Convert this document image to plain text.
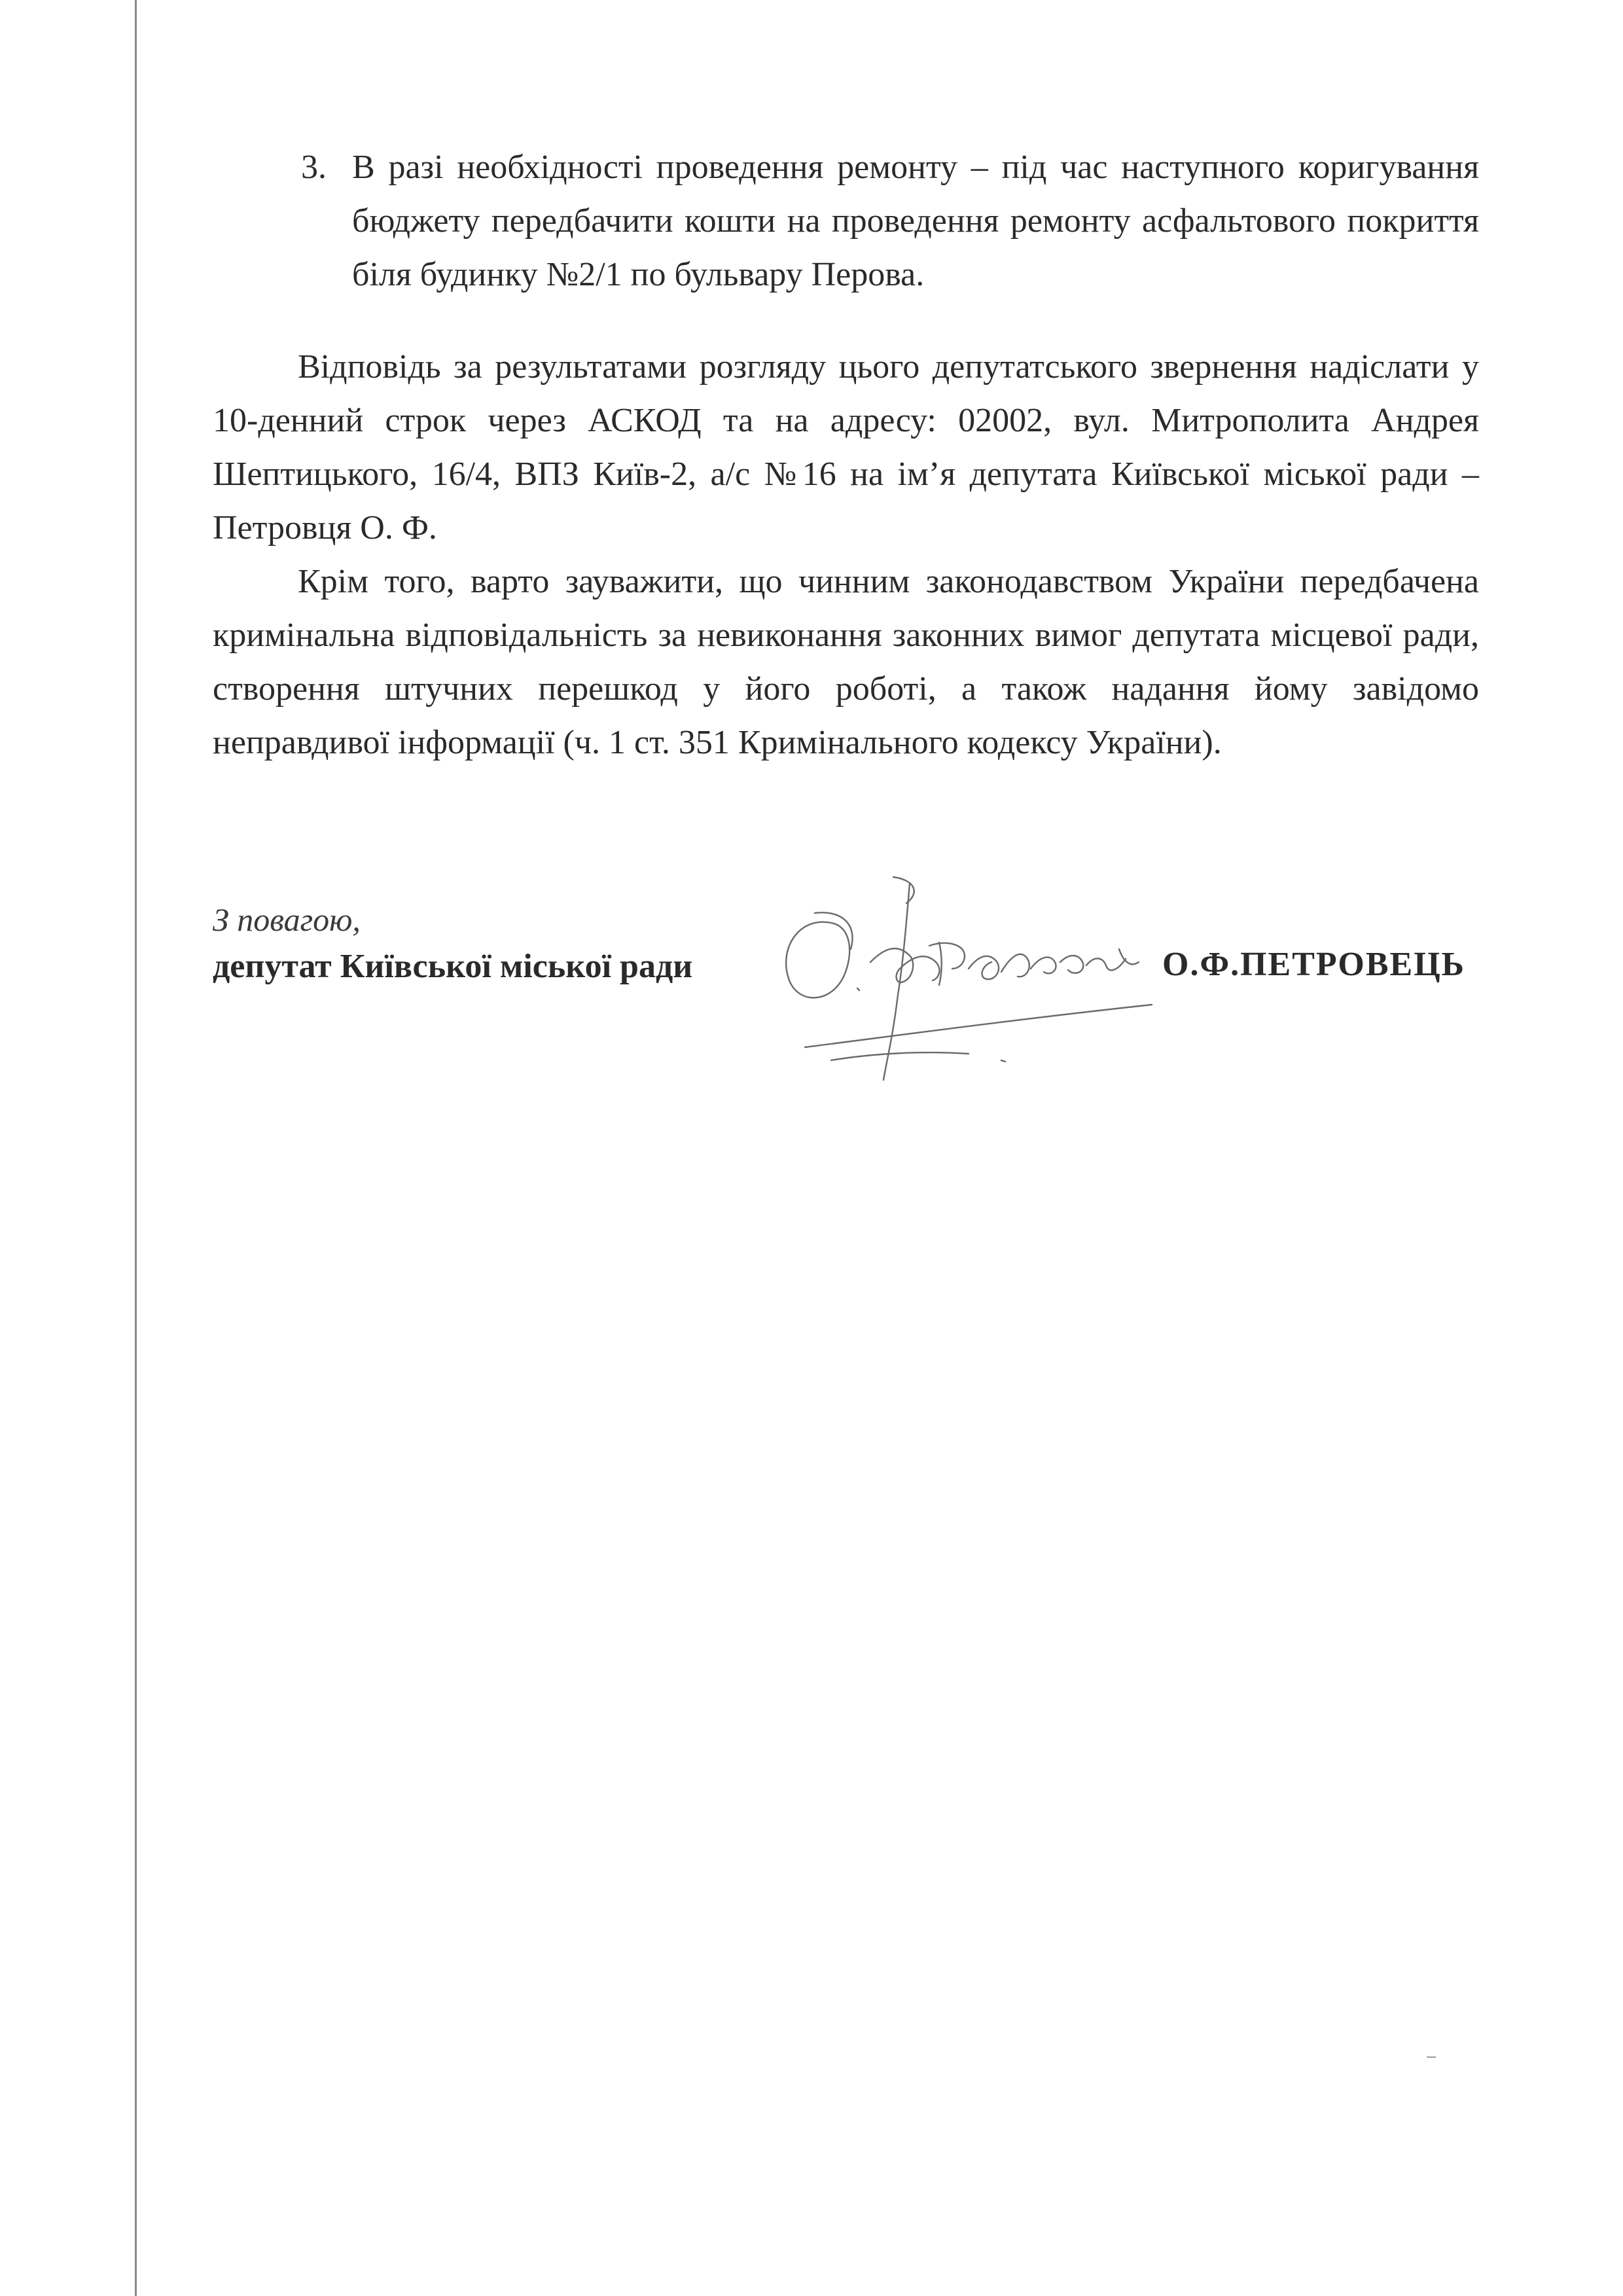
3. В разі необхідності проведення ремонту – під час наступного коригування бюджету передбачити кошти на проведення ремонту асфальтового покриття біля будинку №2/1 по бульвару Перова.

Відповідь за результатами розгляду цього депутатського звернення надіслати у 10-денний строк через АСКОД та на адресу: 02002, вул. Митрополита Андрея Шептицького, 16/4, ВПЗ Київ-2, а/с №16 на ім’я депутата Київської міської ради – Петровця О. Ф.

Крім того, варто зауважити, що чинним законодавством України передбачена кримінальна відповідальність за невиконання законних вимог депутата місцевої ради, створення штучних перешкод у його роботі, а також надання йому завідомо неправдивої інформації (ч. 1 ст. 351 Кримінального кодексу України).

З повагою,
депутат Київської міської ради	О.Ф.ПЕТРОВЕЦЬ
